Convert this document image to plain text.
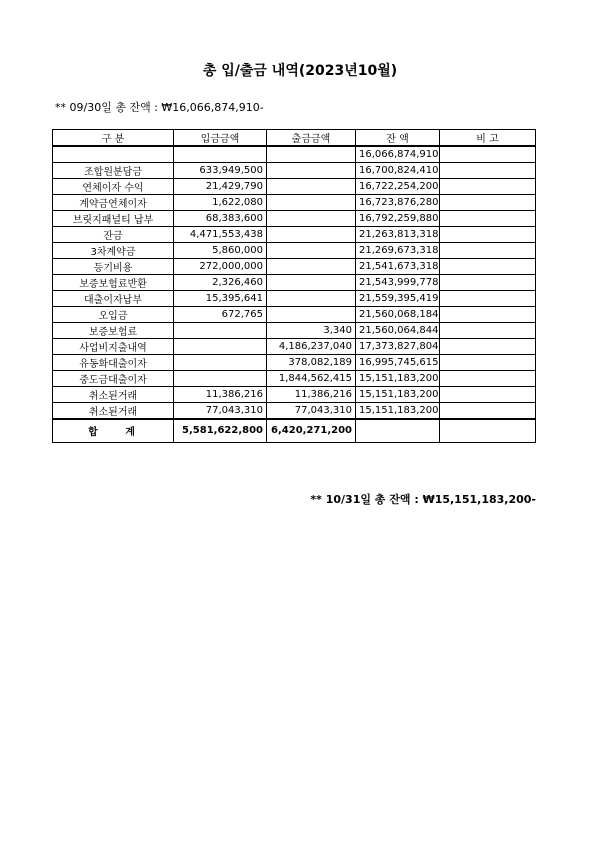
총 입/출금 내역(2023년10월)
** 09/30일 총 잔액 : ₩16,066,874,910-
구 분	입금금액	출금금액	잔 액	비 고
			16,066,874,910	
조합원분담금	633,949,500		16,700,824,410	
연체이자 수익	21,429,790		16,722,254,200	
계약금연체이자	1,622,080		16,723,876,280	
브릿지패널티 납부	68,383,600		16,792,259,880	
잔금	4,471,553,438		21,263,813,318	
3차계약금	5,860,000		21,269,673,318	
등기비용	272,000,000		21,541,673,318	
보증보험료반환	2,326,460		21,543,999,778	
대출이자납부	15,395,641		21,559,395,419	
오입금	672,765		21,560,068,184	
보증보험료		3,340	21,560,064,844	
사업비지출내역		4,186,237,040	17,373,827,804	
유동화대출이자		378,082,189	16,995,745,615	
중도금대출이자		1,844,562,415	15,151,183,200	
취소된거래	11,386,216	11,386,216	15,151,183,200	
취소된거래	77,043,310	77,043,310	15,151,183,200	
합 계	5,581,622,800	6,420,271,200		
** 10/31일 총 잔액 : ₩15,151,183,200-
